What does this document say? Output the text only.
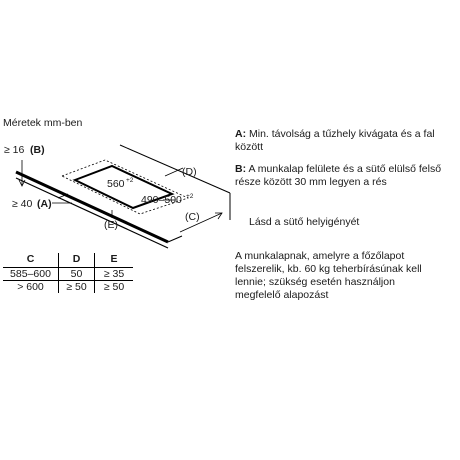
Méretek mm-ben
≥ 16 (B)
≥ 40 (A)
(E)
(D)
(C)
560 +2
490–500 +2
A: Min. távolság a tűzhely kivágata és a fal között
B: A munkalap felülete és a sütő elülső felső része között 30 mm legyen a rés
Lásd a sütő helyigényét
A munkalapnak, amelyre a főzőlapot felszerelik, kb. 60 kg teherbírásúnak kell lennie; szükség esetén használjon megfelelő alapozást
C	D	E
585–600	50	≥ 35
> 600	≥ 50	≥ 50
